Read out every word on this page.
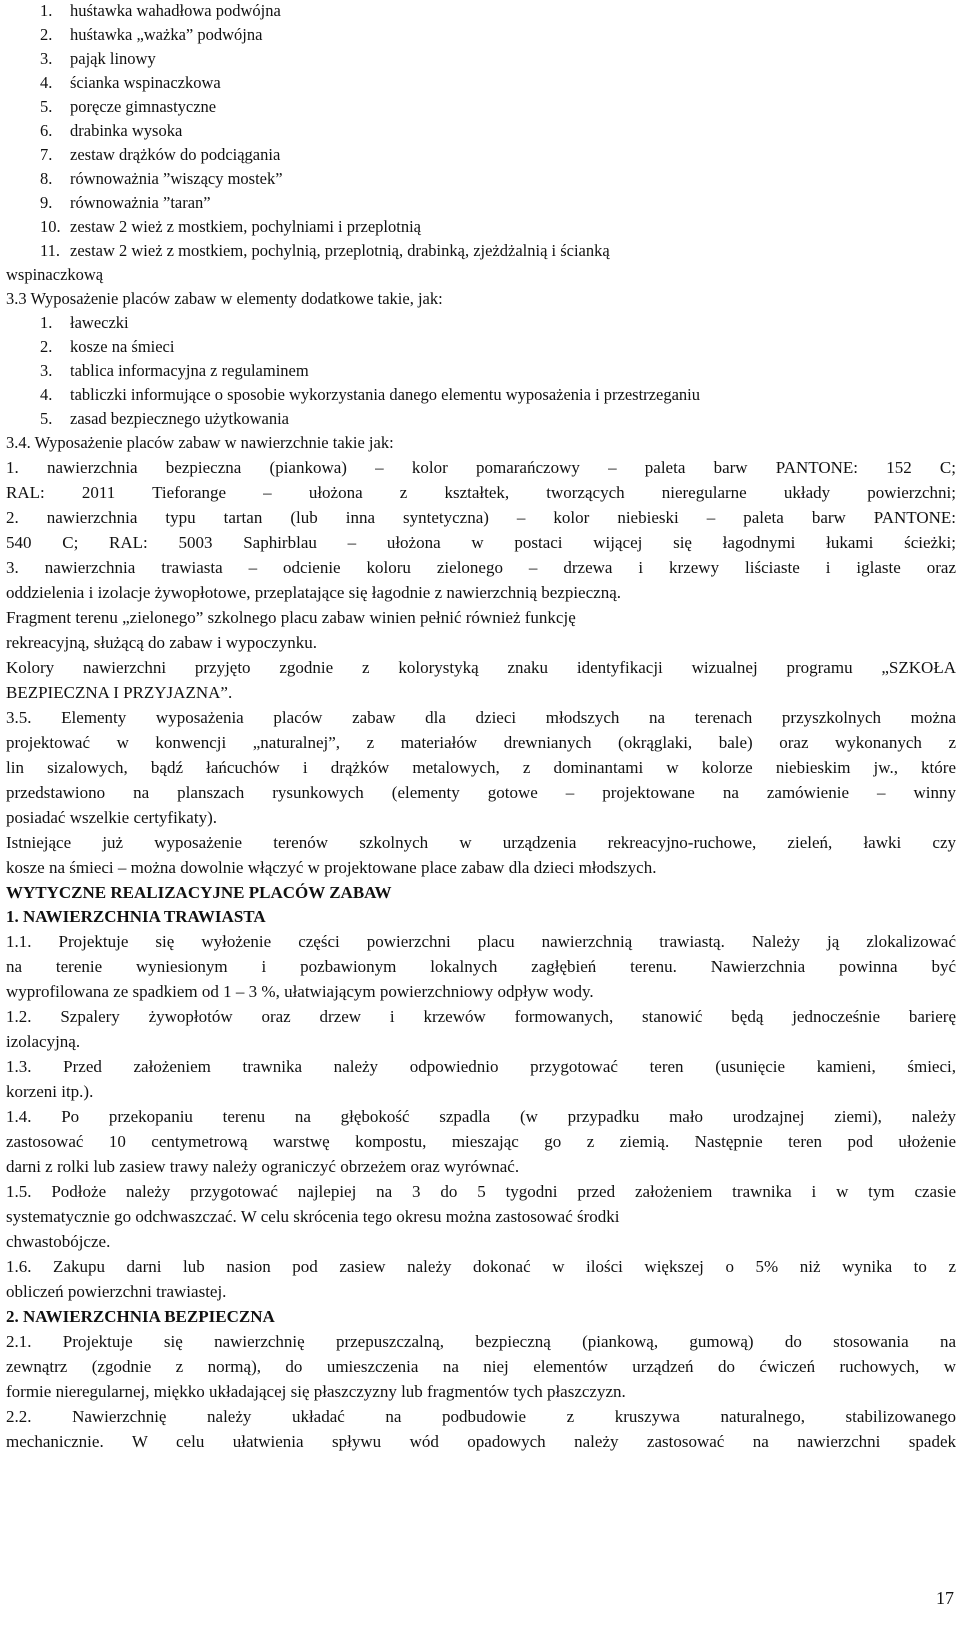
1. huśtawka wahadłowa podwójna
2. huśtawka „ważka” podwójna
3. pająk linowy
4. ścianka wspinaczkowa
5. poręcze gimnastyczne
6. drabinka wysoka
7. zestaw drążków do podciągania
8. równoważnia ”wiszący mostek”
9. równoważnia ”taran”
10. zestaw 2 wież z mostkiem, pochylniami i przeplotnią
11. zestaw 2 wież z mostkiem, pochylnią, przeplotnią, drabinką, zjeżdżalnią i ścianką
wspinaczkową
3.3 Wyposażenie placów zabaw w elementy dodatkowe takie, jak:
1. ławeczki
2. kosze na śmieci
3. tablica informacyjna z regulaminem
4. tabliczki informujące o sposobie wykorzystania danego elementu wyposażenia i przestrzeganiu
5. zasad bezpiecznego użytkowania
3.4. Wyposażenie placów zabaw w nawierzchnie takie jak:
1. nawierzchnia bezpieczna (piankowa) – kolor pomarańczowy – paleta barw PANTONE: 152 C;
RAL: 2011 Tieforange – ułożona z kształtek, tworzących nieregularne układy powierzchni;
2. nawierzchnia typu tartan (lub inna syntetyczna) – kolor niebieski – paleta barw PANTONE:
540 C; RAL: 5003 Saphirblau – ułożona w postaci wijącej się łagodnymi łukami ścieżki;
3. nawierzchnia trawiasta – odcienie koloru zielonego – drzewa i krzewy liściaste i iglaste oraz
oddzielenia i izolacje żywopłotowe, przeplatające się łagodnie z nawierzchnią bezpieczną.
Fragment terenu „zielonego” szkolnego placu zabaw winien pełnić również funkcję
rekreacyjną, służącą do zabaw i wypoczynku.
Kolory nawierzchni przyjęto zgodnie z kolorystyką znaku identyfikacji wizualnej programu „SZKOŁA
BEZPIECZNA I PRZYJAZNA”.
3.5. Elementy wyposażenia placów zabaw dla dzieci młodszych na terenach przyszkolnych można
projektować w konwencji „naturalnej”, z materiałów drewnianych (okrąglaki, bale) oraz wykonanych z
lin sizalowych, bądź łańcuchów i drążków metalowych, z dominantami w kolorze niebieskim jw., które
przedstawiono na planszach rysunkowych (elementy gotowe – projektowane na zamówienie – winny
posiadać wszelkie certyfikaty).
Istniejące już wyposażenie terenów szkolnych w urządzenia rekreacyjno-ruchowe, zieleń, ławki czy
kosze na śmieci – można dowolnie włączyć w projektowane place zabaw dla dzieci młodszych.
WYTYCZNE REALIZACYJNE PLACÓW ZABAW
1. NAWIERZCHNIA TRAWIASTA
1.1. Projektuje się wyłożenie części powierzchni placu nawierzchnią trawiastą. Należy ją zlokalizować
na terenie wyniesionym i pozbawionym lokalnych zagłębień terenu. Nawierzchnia powinna być
wyprofilowana ze spadkiem od 1 – 3 %, ułatwiającym powierzchniowy odpływ wody.
1.2. Szpalery żywopłotów oraz drzew i krzewów formowanych, stanowić będą jednocześnie barierę
izolacyjną.
1.3. Przed założeniem trawnika należy odpowiednio przygotować teren (usunięcie kamieni, śmieci,
korzeni itp.).
1.4. Po przekopaniu terenu na głębokość szpadla (w przypadku mało urodzajnej ziemi), należy
zastosować 10 centymetrową warstwę kompostu, mieszając go z ziemią. Następnie teren pod ułożenie
darni z rolki lub zasiew trawy należy ograniczyć obrzeżem oraz wyrównać.
1.5. Podłoże należy przygotować najlepiej na 3 do 5 tygodni przed założeniem trawnika i w tym czasie
systematycznie go odchwaszczać. W celu skrócenia tego okresu można zastosować środki
chwastobójcze.
1.6. Zakupu darni lub nasion pod zasiew należy dokonać w ilości większej o 5% niż wynika to z
obliczeń powierzchni trawiastej.
2. NAWIERZCHNIA BEZPIECZNA
2.1. Projektuje się nawierzchnię przepuszczalną, bezpieczną (piankową, gumową) do stosowania na
zewnątrz (zgodnie z normą), do umieszczenia na niej elementów urządzeń do ćwiczeń ruchowych, w
formie nieregularnej, miękko układającej się płaszczyzny lub fragmentów tych płaszczyzn.
2.2. Nawierzchnię należy układać na podbudowie z kruszywa naturalnego, stabilizowanego
mechanicznie. W celu ułatwienia spływu wód opadowych należy zastosować na nawierzchni spadek
17
